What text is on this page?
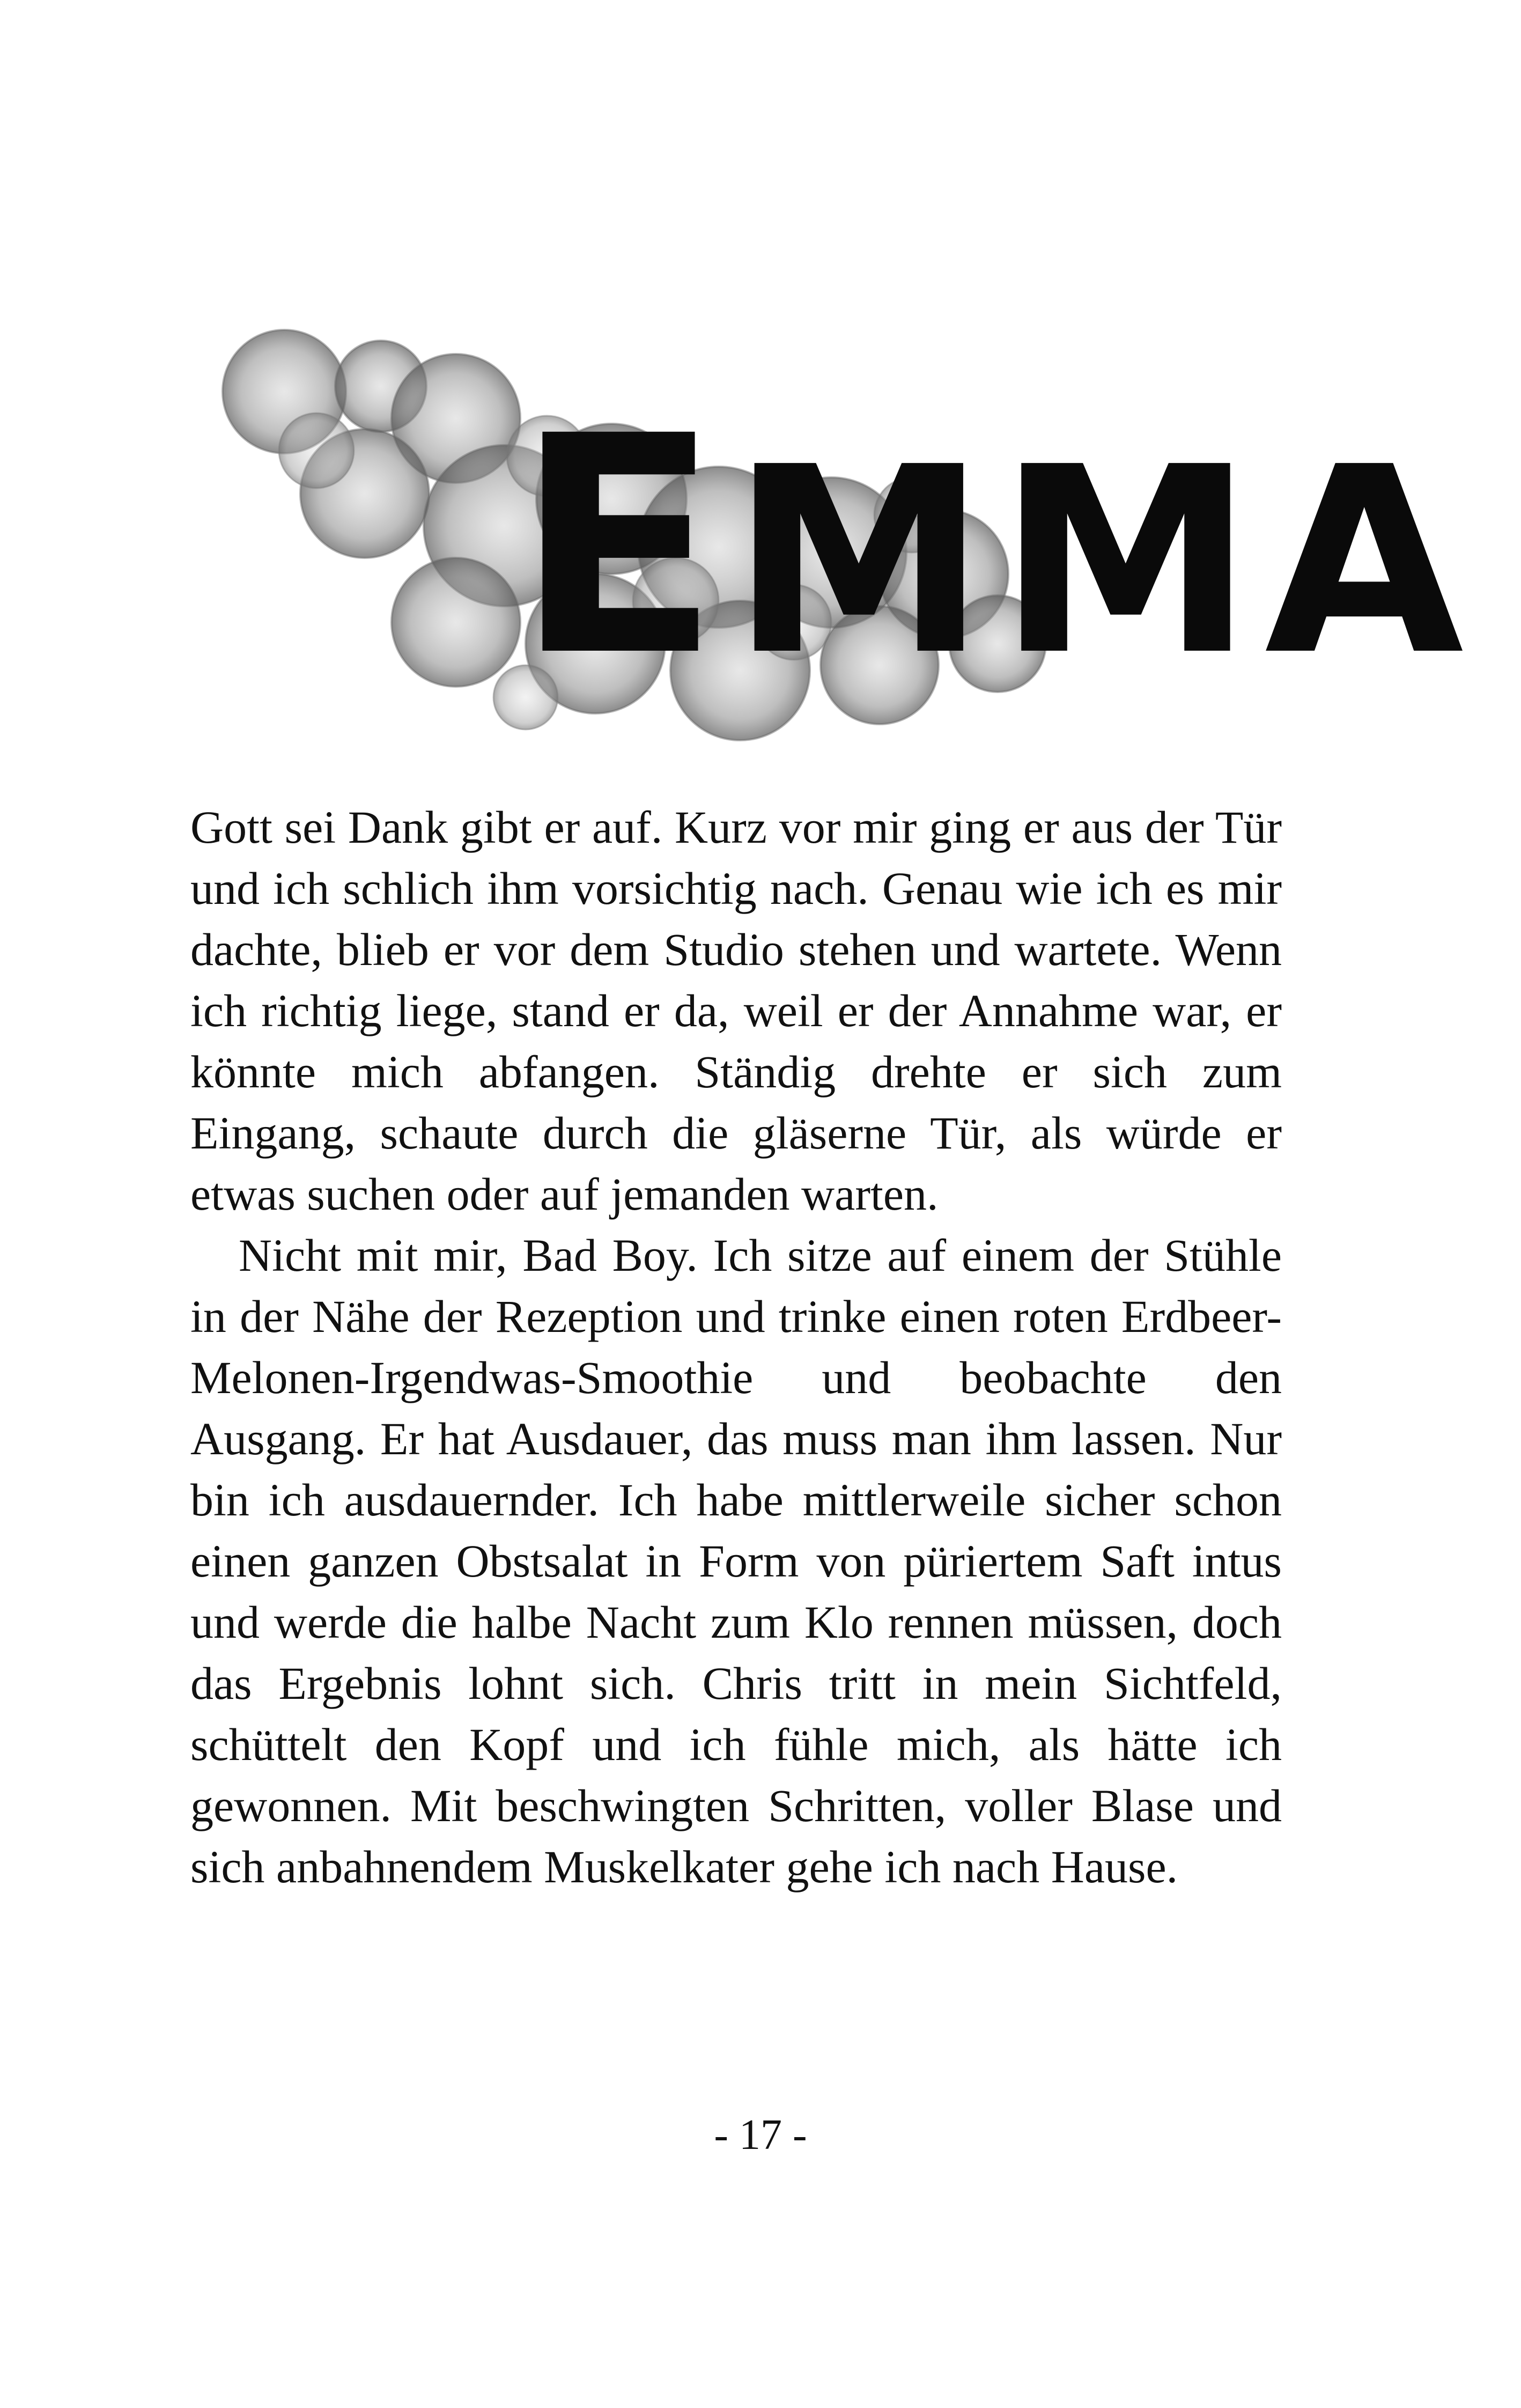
EMMA

Gott sei Dank gibt er auf. Kurz vor mir ging er aus der Tür und ich schlich ihm vorsichtig nach. Genau wie ich es mir dachte, blieb er vor dem Studio stehen und wartete. Wenn ich richtig liege, stand er da, weil er der Annahme war, er könnte mich abfangen. Ständig drehte er sich zum Eingang, schaute durch die gläserne Tür, als würde er etwas suchen oder auf jemanden warten.

Nicht mit mir, Bad Boy. Ich sitze auf einem der Stühle in der Nähe der Rezeption und trinke einen roten Erdbeer-Melonen-Irgendwas-Smoothie und beobachte den Ausgang. Er hat Ausdauer, das muss man ihm lassen. Nur bin ich ausdauernder. Ich habe mittlerweile sicher schon einen ganzen Obstsalat in Form von püriertem Saft intus und werde die halbe Nacht zum Klo rennen müssen, doch das Ergebnis lohnt sich. Chris tritt in mein Sichtfeld, schüttelt den Kopf und ich fühle mich, als hätte ich gewonnen. Mit beschwingten Schritten, voller Blase und sich anbahnendem Muskelkater gehe ich nach Hause.

- 17 -
